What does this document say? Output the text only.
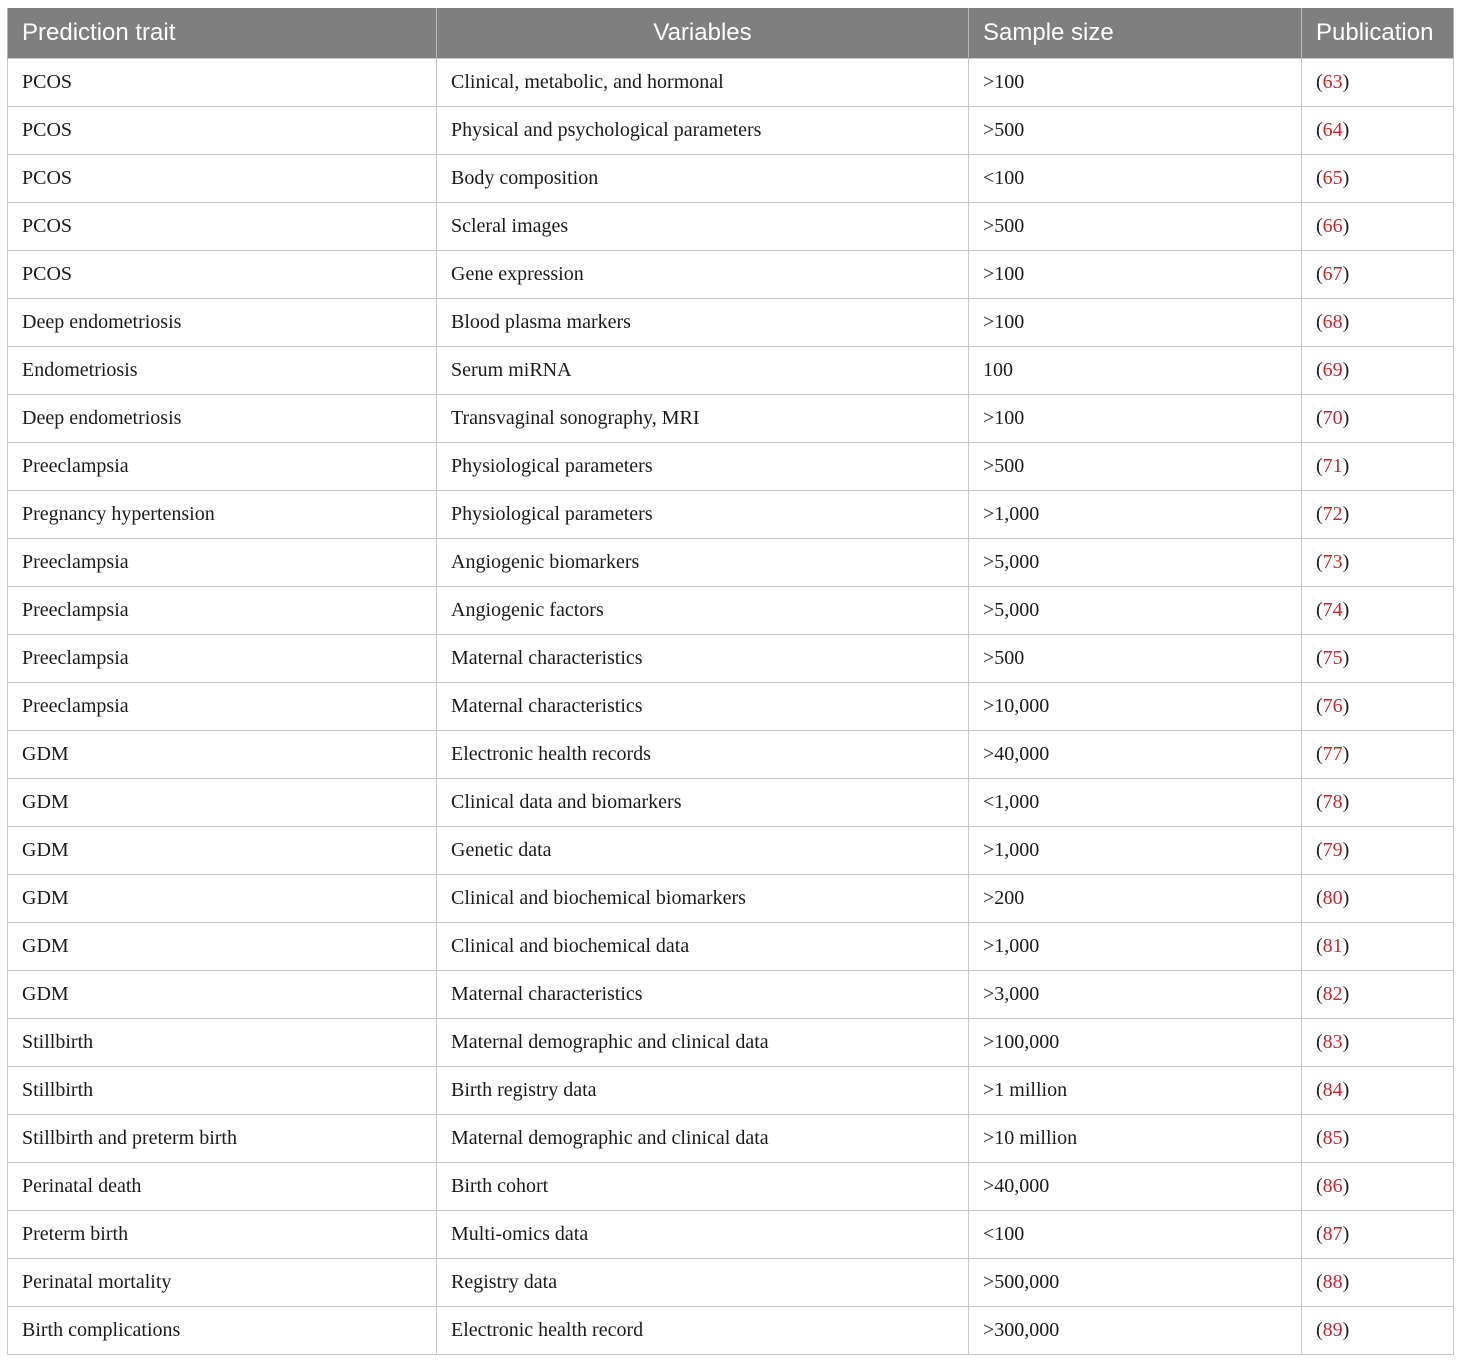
Prediction trait	Variables	Sample size	Publication
PCOS	Clinical, metabolic, and hormonal	>100	(63)
PCOS	Physical and psychological parameters	>500	(64)
PCOS	Body composition	<100	(65)
PCOS	Scleral images	>500	(66)
PCOS	Gene expression	>100	(67)
Deep endometriosis	Blood plasma markers	>100	(68)
Endometriosis	Serum miRNA	100	(69)
Deep endometriosis	Transvaginal sonography, MRI	>100	(70)
Preeclampsia	Physiological parameters	>500	(71)
Pregnancy hypertension	Physiological parameters	>1,000	(72)
Preeclampsia	Angiogenic biomarkers	>5,000	(73)
Preeclampsia	Angiogenic factors	>5,000	(74)
Preeclampsia	Maternal characteristics	>500	(75)
Preeclampsia	Maternal characteristics	>10,000	(76)
GDM	Electronic health records	>40,000	(77)
GDM	Clinical data and biomarkers	<1,000	(78)
GDM	Genetic data	>1,000	(79)
GDM	Clinical and biochemical biomarkers	>200	(80)
GDM	Clinical and biochemical data	>1,000	(81)
GDM	Maternal characteristics	>3,000	(82)
Stillbirth	Maternal demographic and clinical data	>100,000	(83)
Stillbirth	Birth registry data	>1 million	(84)
Stillbirth and preterm birth	Maternal demographic and clinical data	>10 million	(85)
Perinatal death	Birth cohort	>40,000	(86)
Preterm birth	Multi-omics data	<100	(87)
Perinatal mortality	Registry data	>500,000	(88)
Birth complications	Electronic health record	>300,000	(89)
